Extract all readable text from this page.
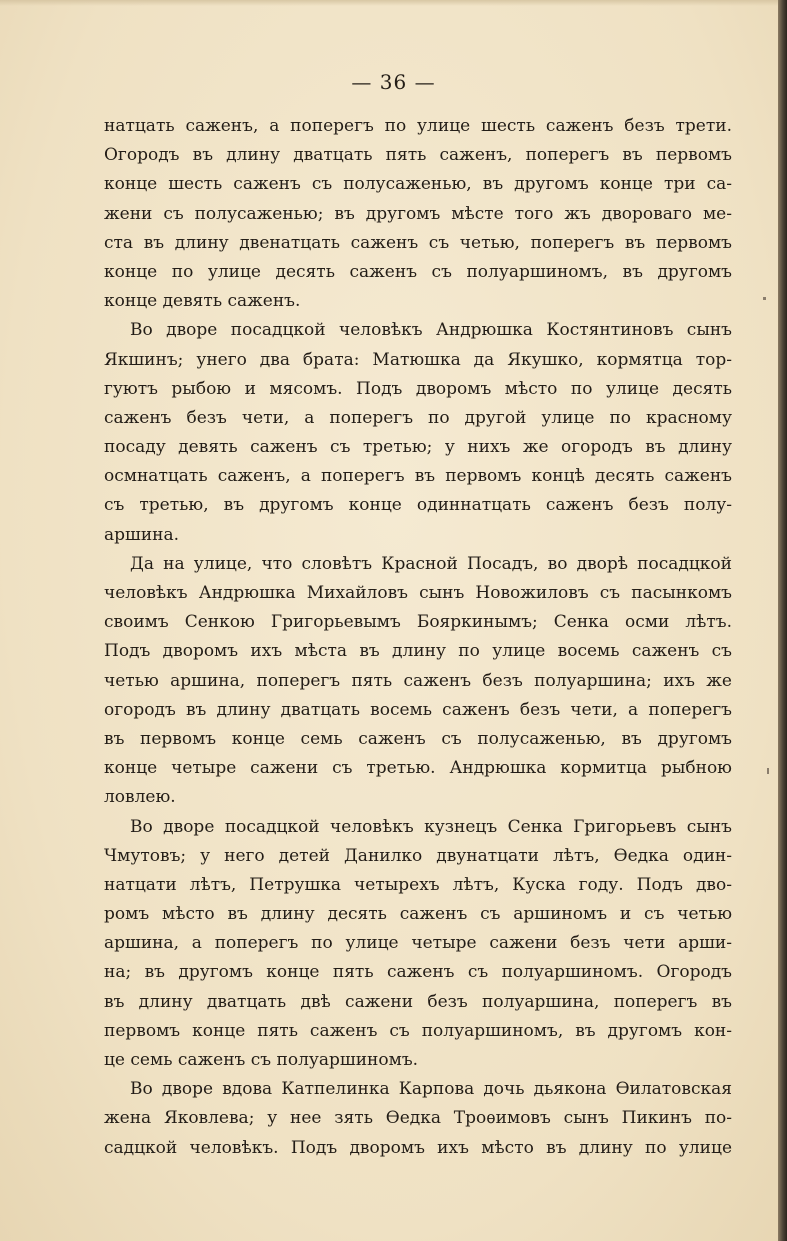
— 36 —
натцать саженъ, а поперегъ по улице шесть саженъ безъ трети.
Огородъ въ длину дватцать пять саженъ, поперегъ въ первомъ
конце шесть саженъ съ полусаженью, въ другомъ конце три са-
жени съ полусаженью; въ другомъ мѣсте того жъ двороваго ме-
ста въ длину двенатцать саженъ съ четью, поперегъ въ первомъ
конце по улице десять саженъ съ полуаршиномъ, въ другомъ
конце девять саженъ.
Во дворе посадцкой человѣкъ Андрюшка Костянтиновъ сынъ
Якшинъ; унего два брата: Матюшка да Якушко, кормятца тор-
гуютъ рыбою и мясомъ. Подъ дворомъ мѣсто по улице десять
саженъ безъ чети, а поперегъ по другой улице по красному
посаду девять саженъ съ третью; у нихъ же огородъ въ длину
осмнатцать саженъ, а поперегъ въ первомъ концѣ десять саженъ
съ третью, въ другомъ конце одиннатцать саженъ безъ полу-
аршина.
Да на улице, что словѣтъ Красной Посадъ, во дворѣ посадцкой
человѣкъ Андрюшка Михайловъ сынъ Новожиловъ съ пасынкомъ
своимъ Сенкою Григорьевымъ Бояркинымъ; Сенка осми лѣтъ.
Подъ дворомъ ихъ мѣста въ длину по улице восемь саженъ съ
четью аршина, поперегъ пять саженъ безъ полуаршина; ихъ же
огородъ въ длину дватцать восемь саженъ безъ чети, а поперегъ
въ первомъ конце семь саженъ съ полусаженью, въ другомъ
конце четыре сажени съ третью. Андрюшка кормитца рыбною
ловлею.
Во дворе посадцкой человѣкъ кузнецъ Сенка Григорьевъ сынъ
Чмутовъ; у него детей Данилко двунатцати лѣтъ, Ѳедка один-
натцати лѣтъ, Петрушка четырехъ лѣтъ, Куска году. Подъ дво-
ромъ мѣсто въ длину десять саженъ съ аршиномъ и съ четью
аршина, а поперегъ по улице четыре сажени безъ чети арши-
на; въ другомъ конце пять саженъ съ полуаршиномъ. Огородъ
въ длину дватцать двѣ сажени безъ полуаршина, поперегъ въ
первомъ конце пять саженъ съ полуаршиномъ, въ другомъ кон-
це семь саженъ съ полуаршиномъ.
Во дворе вдова Катпелинка Карпова дочь дьякона Ѳилатовская
жена Яковлева; у нее зять Ѳедка Троѳимовъ сынъ Пикинъ по-
садцкой человѣкъ. Подъ дворомъ ихъ мѣсто въ длину по улице
